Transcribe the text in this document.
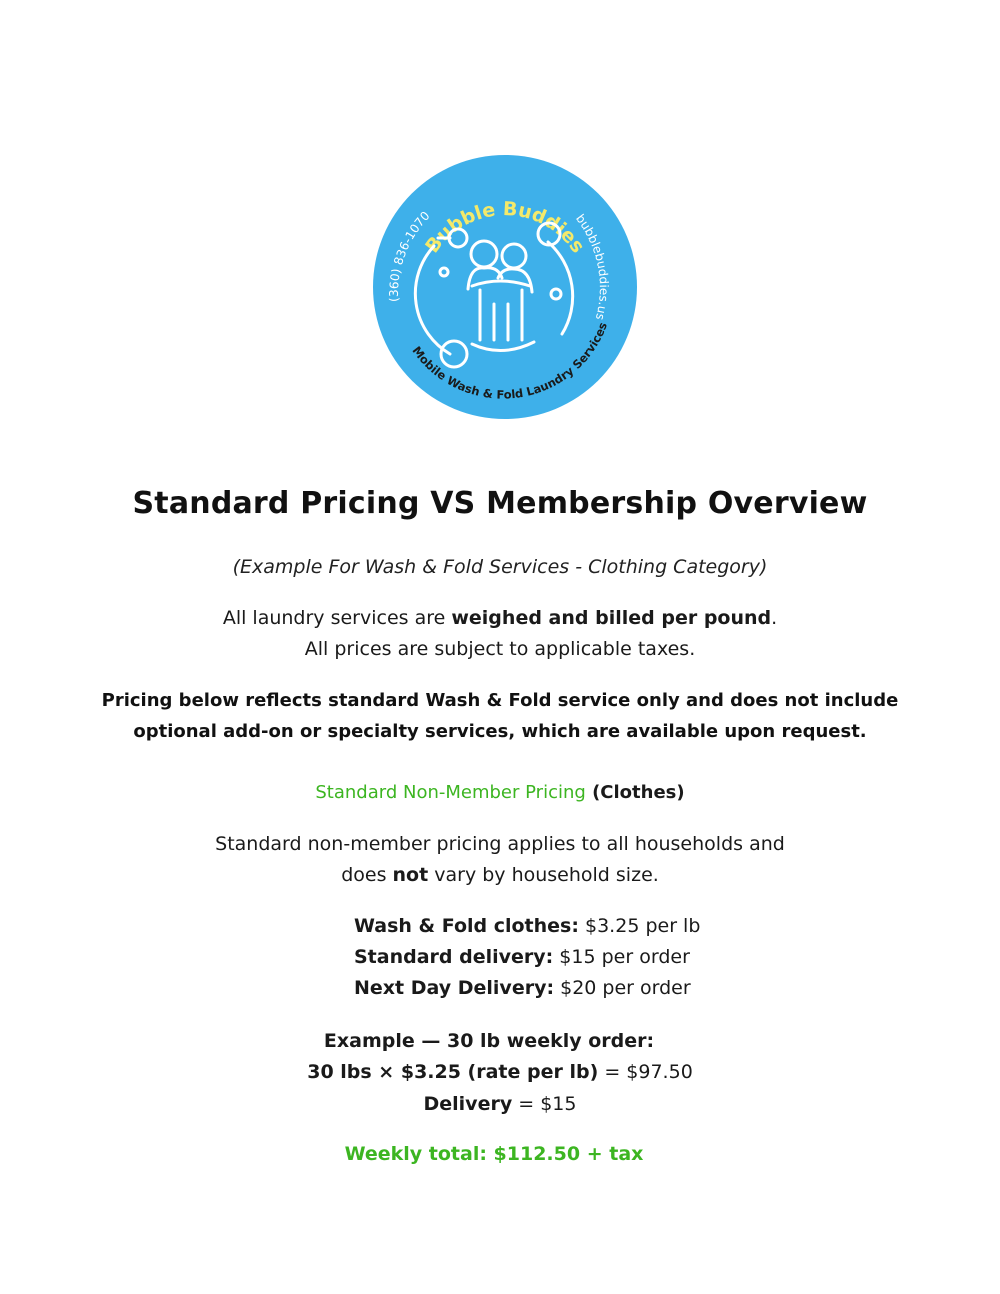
Bubble Buddies
bubblebuddies.us
(360) 836-1070
Mobile Wash & Fold Laundry Services
Standard Pricing VS Membership Overview
(Example For Wash & Fold Services - Clothing Category)
All laundry services are weighed and billed per pound.
All prices are subject to applicable taxes.
Pricing below reflects standard Wash & Fold service only and does not include
optional add-on or specialty services, which are available upon request.
Standard Non-Member Pricing (Clothes)
Standard non-member pricing applies to all households and
does not vary by household size.
Wash & Fold clothes: $3.25 per lb
Standard delivery: $15 per order
Next Day Delivery: $20 per order
Example — 30 lb weekly order:
30 lbs × $3.25 (rate per lb) = $97.50
Delivery = $15
Weekly total: $112.50 + tax
